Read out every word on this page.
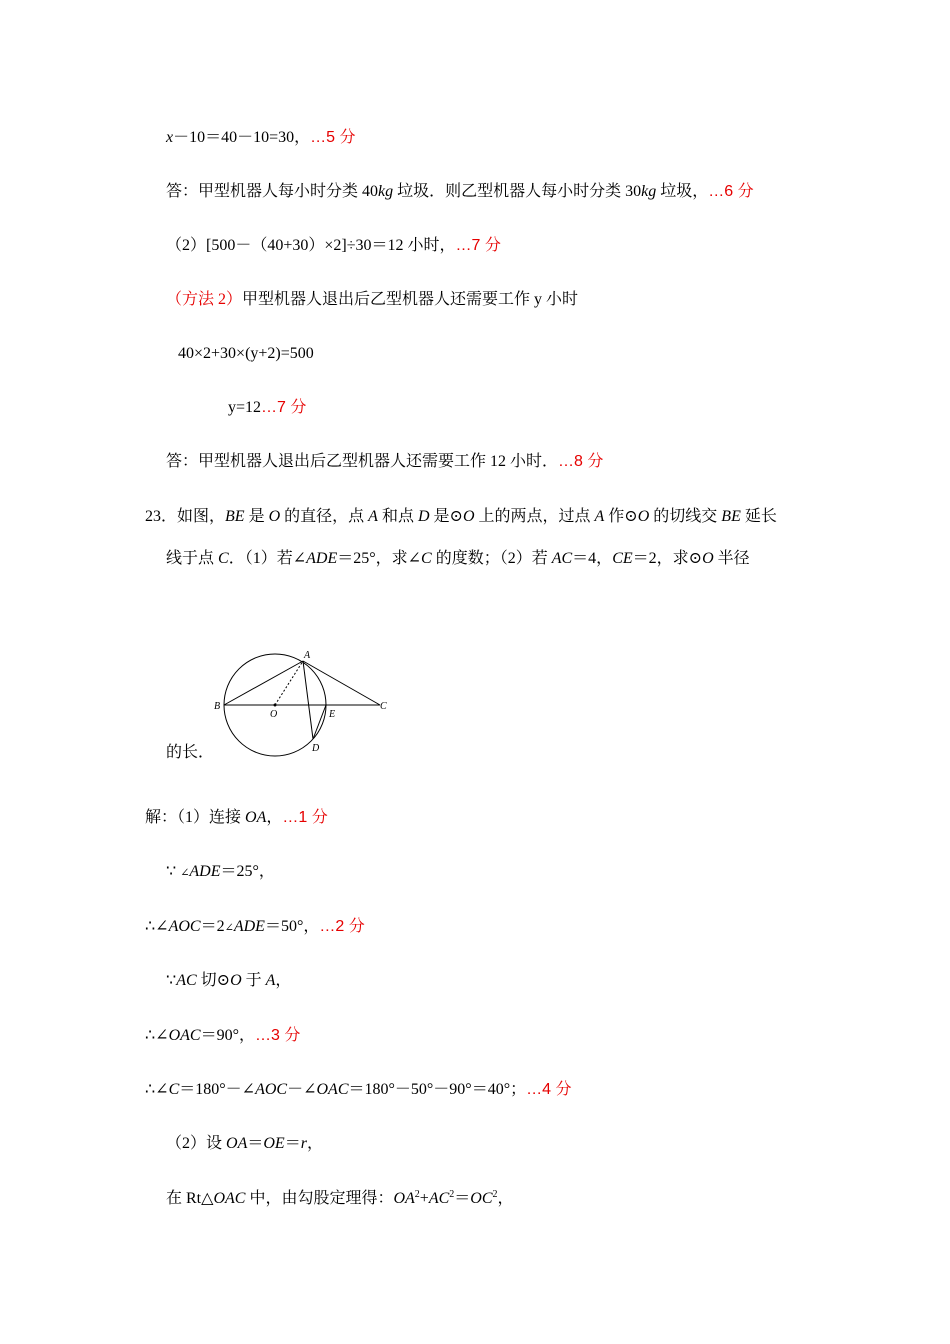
x－10＝40－10=30，…5 分
答：甲型机器人每小时分类 40kg 垃圾．则乙型机器人每小时分类 30kg 垃圾，…6 分
（2）[500－（40+30）×2]÷30＝12 小时，…7 分
（方法 2）甲型机器人退出后乙型机器人还需要工作 y 小时
40×2+30×(y+2)=500
y=12…7 分
答：甲型机器人退出后乙型机器人还需要工作 12 小时．…8 分
23．如图，BE 是 O 的直径，点 A 和点 D 是⊙O 上的两点，过点 A 作⊙O 的切线交 BE 延长
线于点 C．（1）若∠ADE＝25°，求∠C 的度数；（2）若 AC＝4，CE＝2，求⊙O 半径
A
B
O	E
C
D
的长．
解：（1）连接 OA，…1 分
∵ ∠ADE＝25°，
∴∠AOC＝2∠ADE＝50°，…2 分
∵AC 切⊙O 于 A，
∴∠OAC＝90°，…3 分
∴∠C＝180°－∠AOC－∠OAC＝180°－50°－90°＝40°；…4 分
（2）设 OA＝OE＝r，
在 Rt△OAC 中，由勾股定理得：$OA^2+AC^2=OC^2$，
